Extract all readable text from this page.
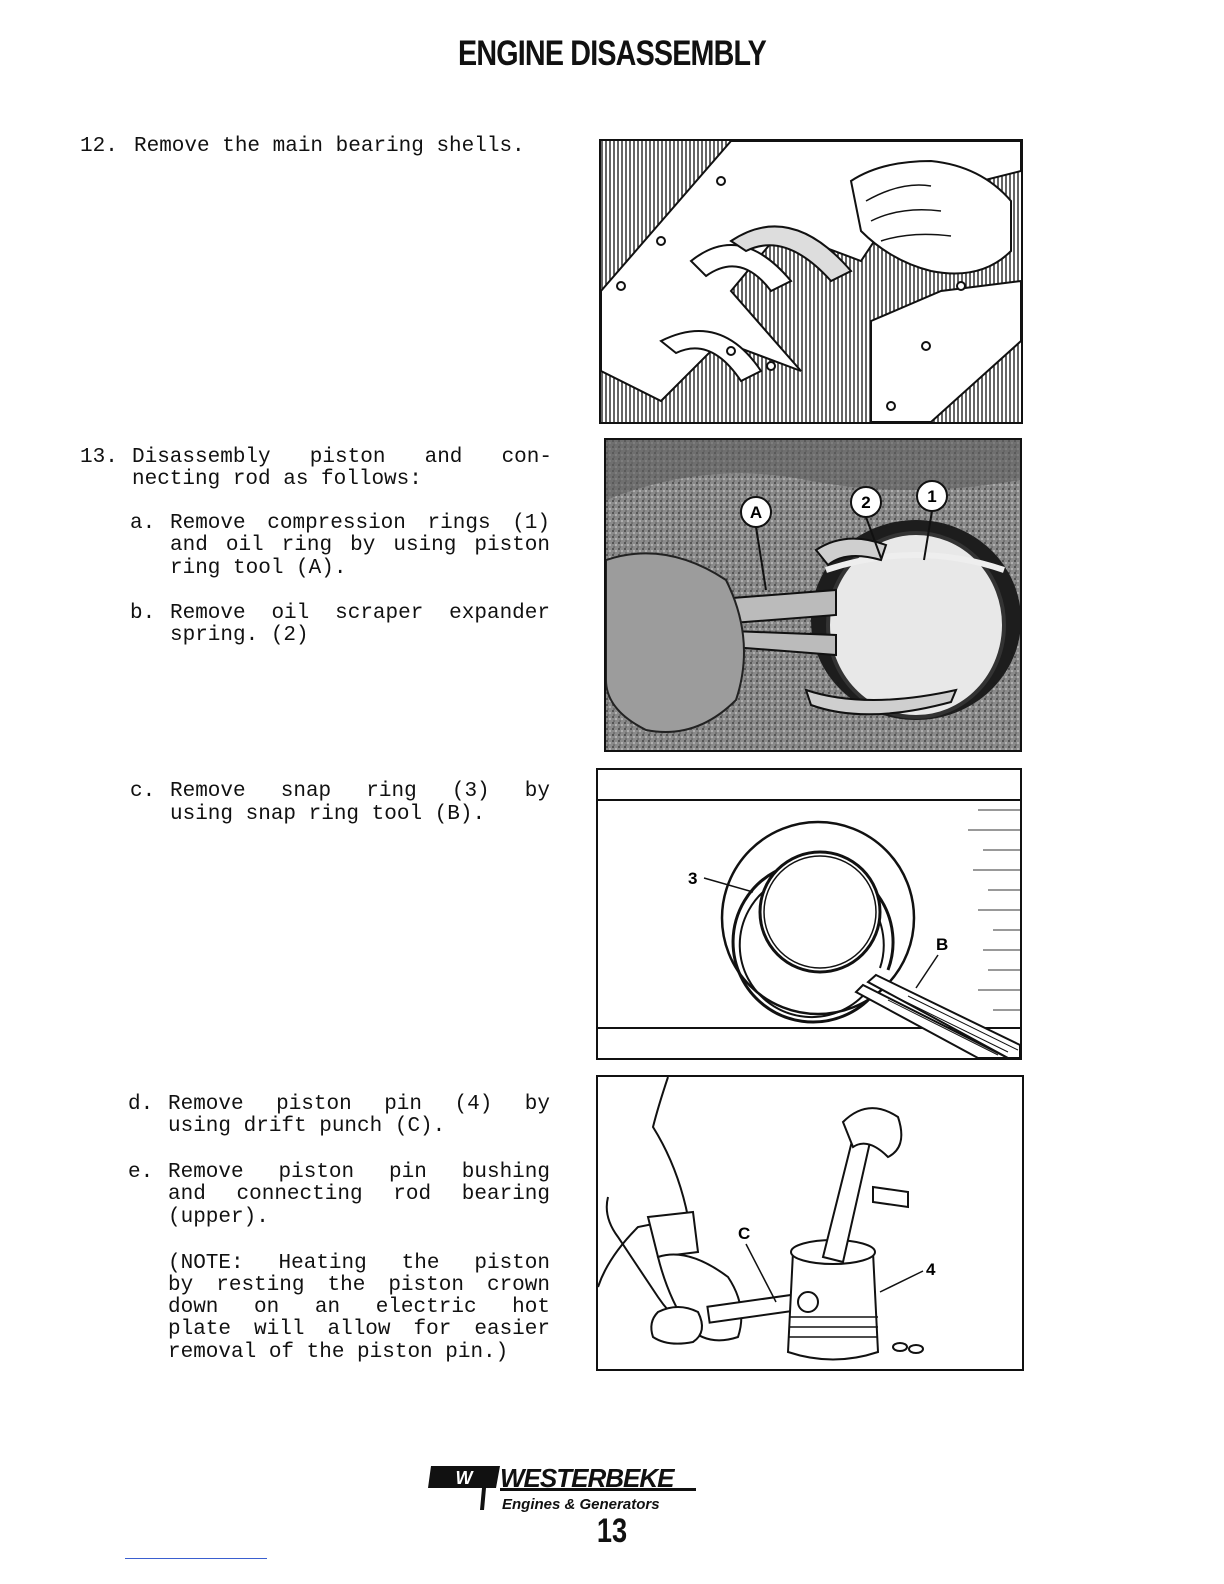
ENGINE DISASSEMBLY
12. Remove the main bearing shells.
13. Disassembly piston and con-
necting rod as follows:
a. Remove compression rings (1)
and oil ring by using piston
ring tool (A).
b. Remove oil scraper expander
spring. (2)
c. Remove snap ring (3) by
using snap ring tool (B).
d. Remove piston pin (4) by
using drift punch (C).
e. Remove piston pin bushing
and connecting rod bearing
(upper).
(NOTE: Heating the piston
by resting the piston crown
down on an electric hot
plate will allow for easier
removal of the piston pin.)
A
2	1
3
B
C
4
W WESTERBEKE
Engines & Generators
13
